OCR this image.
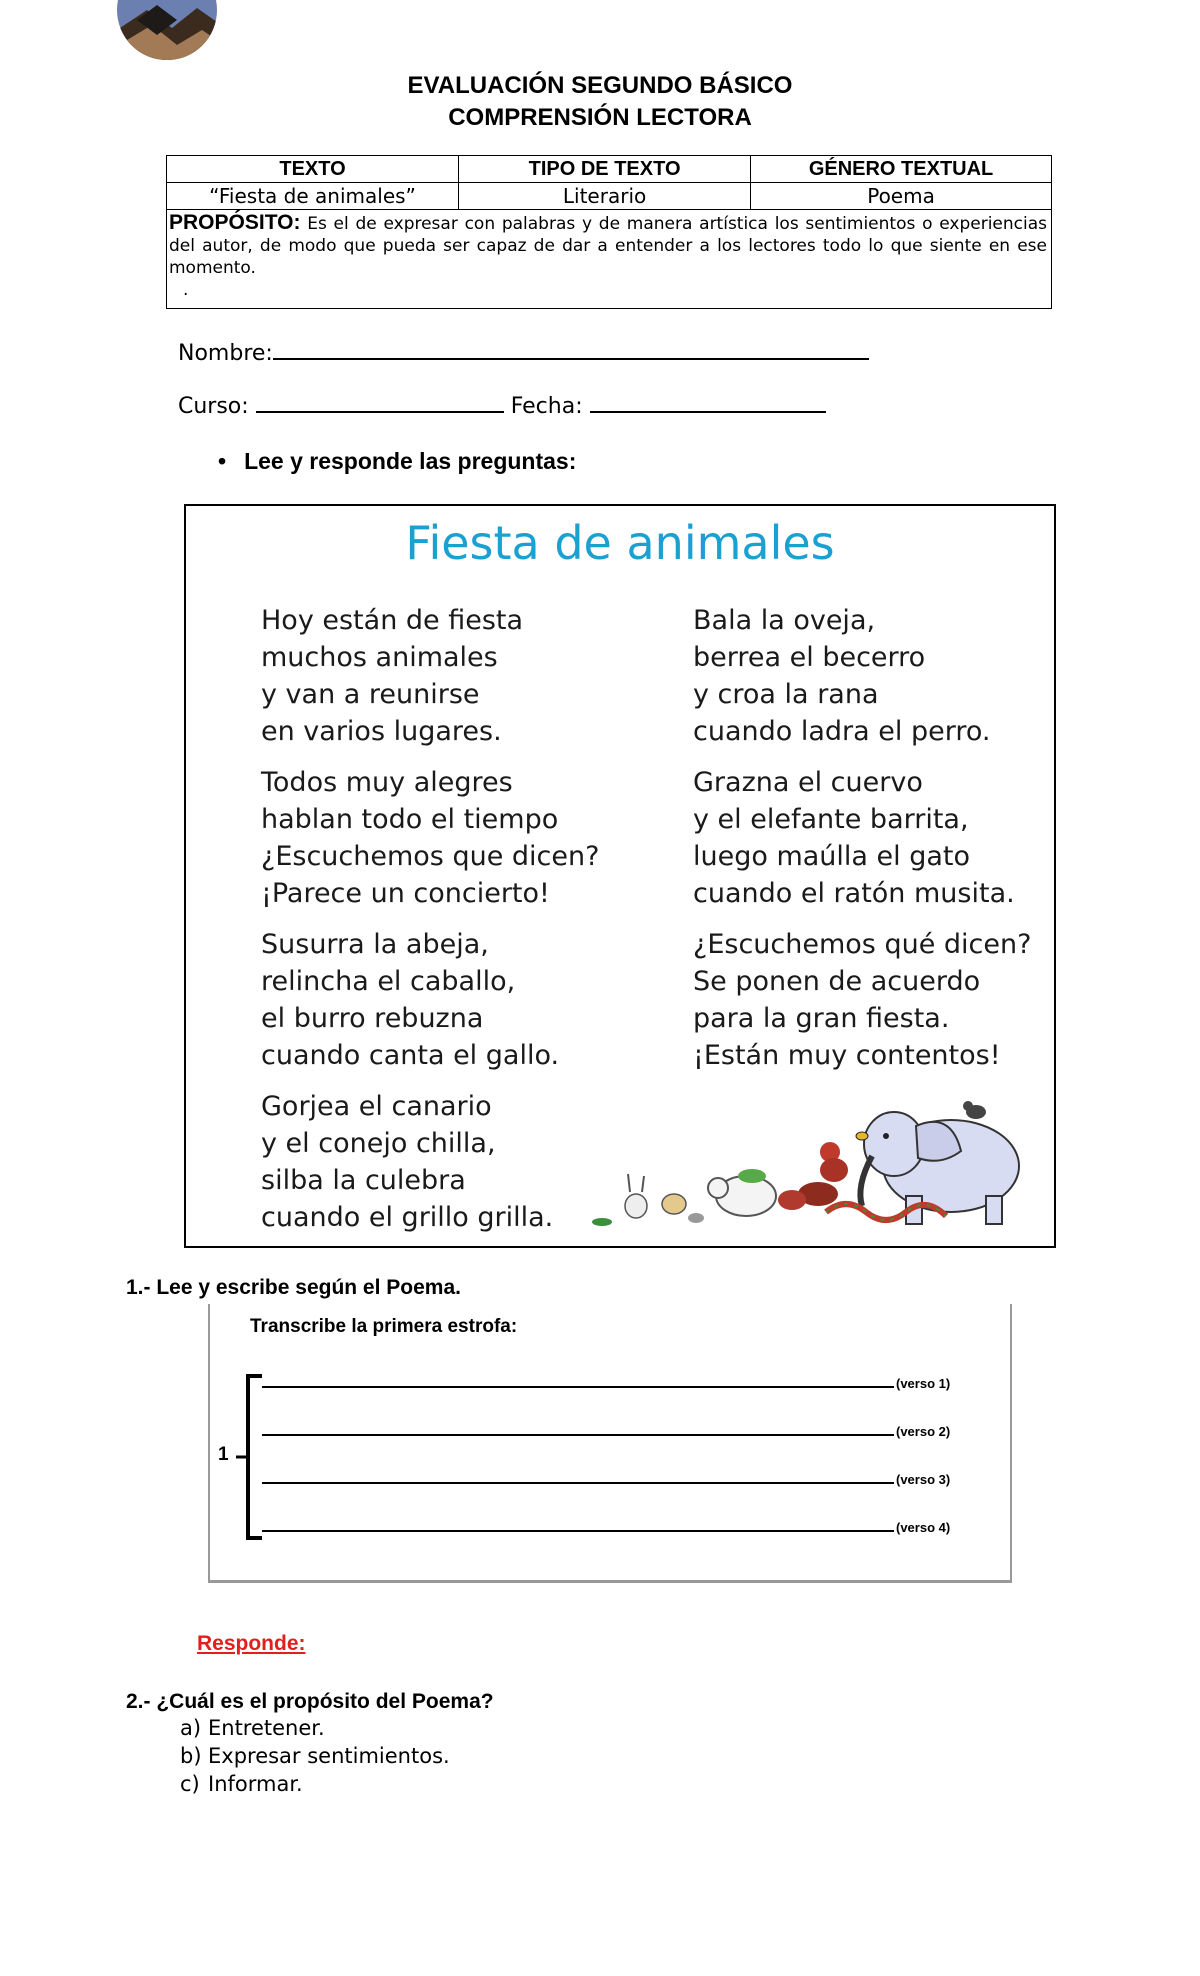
EVALUACIÓN SEGUNDO BÁSICO
COMPRENSIÓN LECTORA
TEXTO	TIPO DE TEXTO	GÉNERO TEXTUAL
“Fiesta de animales”	Literario	Poema
PROPÓSITO: Es el de expresar con palabras y de manera artística los sentimientos o experiencias del autor, de modo que pueda ser capaz de dar a entender a los lectores todo lo que siente en ese momento.
.		
Nombre:
Curso:	Fecha:
• Lee y responde las preguntas:
Fiesta de animales
Hoy están de fiesta
muchos animales
y van a reunirse
en varios lugares.
Todos muy alegres
hablan todo el tiempo
¿Escuchemos que dicen?
¡Parece un concierto!
Susurra la abeja,
relincha el caballo,
el burro rebuzna
cuando canta el gallo.
Gorjea el canario
y el conejo chilla,
silba la culebra
cuando el grillo grilla.
Bala la oveja,
berrea el becerro
y croa la rana
cuando ladra el perro.
Grazna el cuervo
y el elefante barrita,
luego maúlla el gato
cuando el ratón musita.
¿Escuchemos qué dicen?
Se ponen de acuerdo
para la gran fiesta.
¡Están muy contentos!
1.- Lee y escribe según el Poema.
Transcribe la primera estrofa:
1
(verso 1)
(verso 2)
(verso 3)
(verso 4)
Responde:
2.- ¿Cuál es el propósito del Poema?
a) Entretener.
b) Expresar sentimientos.
c) Informar.
